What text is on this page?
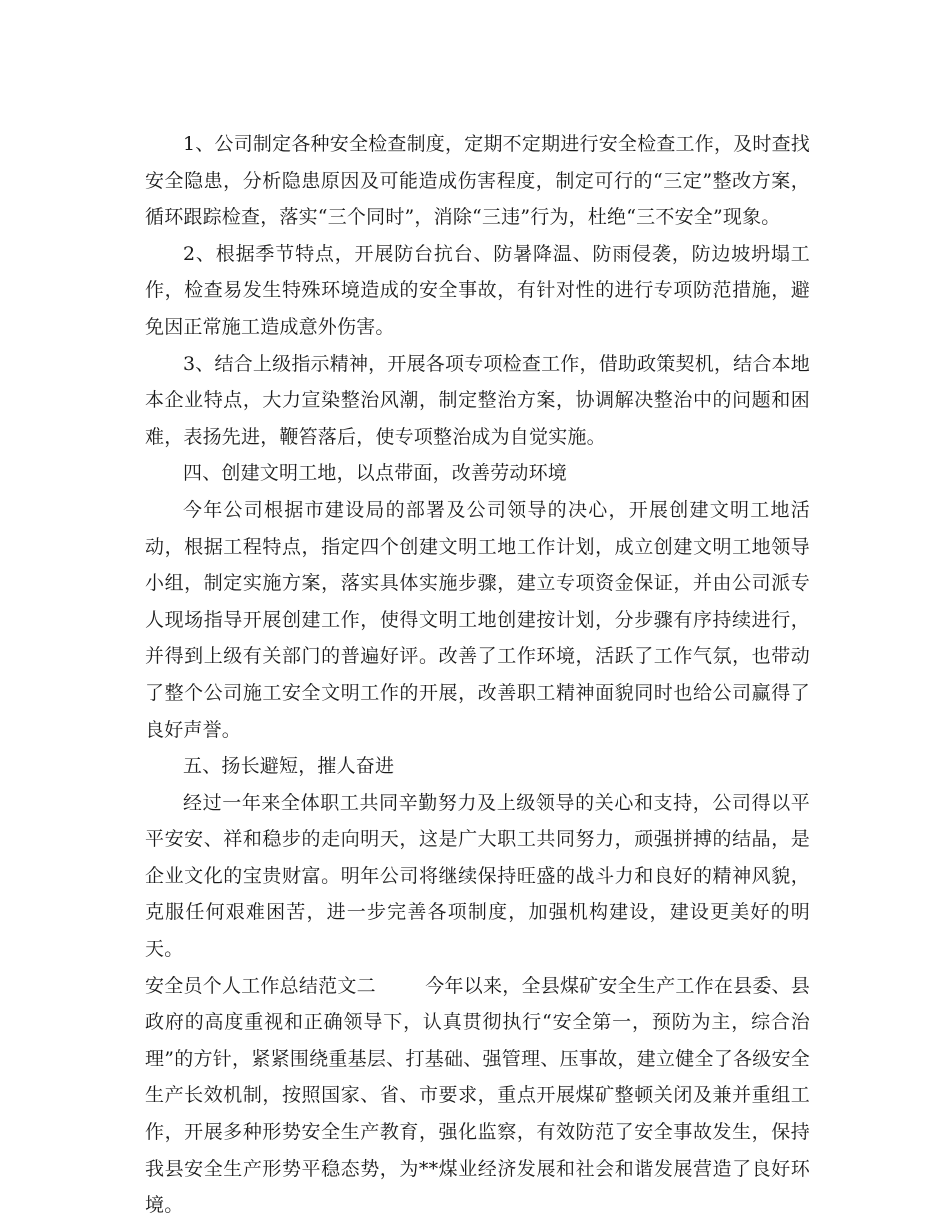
1、公司制定各种安全检查制度，定期不定期进行安全检查工作，及时查找安全隐患，分析隐患原因及可能造成伤害程度，制定可行的“三定”整改方案，循环跟踪检查，落实“三个同时”，消除“三违”行为，杜绝“三不安全”现象。

2、根据季节特点，开展防台抗台、防暑降温、防雨侵袭，防边坡坍塌工作，检查易发生特殊环境造成的安全事故，有针对性的进行专项防范措施，避免因正常施工造成意外伤害。

3、结合上级指示精神，开展各项专项检查工作，借助政策契机，结合本地本企业特点，大力宣染整治风潮，制定整治方案，协调解决整治中的问题和困难，表扬先进，鞭笞落后，使专项整治成为自觉实施。

四、创建文明工地，以点带面，改善劳动环境

今年公司根据市建设局的部署及公司领导的决心，开展创建文明工地活动，根据工程特点，指定四个创建文明工地工作计划，成立创建文明工地领导小组，制定实施方案，落实具体实施步骤，建立专项资金保证，并由公司派专人现场指导开展创建工作，使得文明工地创建按计划，分步骤有序持续进行，并得到上级有关部门的普遍好评。改善了工作环境，活跃了工作气氛，也带动了整个公司施工安全文明工作的开展，改善职工精神面貌同时也给公司赢得了良好声誉。

五、扬长避短，摧人奋进

经过一年来全体职工共同辛勤努力及上级领导的关心和支持，公司得以平平安安、祥和稳步的走向明天，这是广大职工共同努力，顽强拼搏的结晶，是企业文化的宝贵财富。明年公司将继续保持旺盛的战斗力和良好的精神风貌，克服任何艰难困苦，进一步完善各项制度，加强机构建设，建设更美好的明天。

安全员个人工作总结范文二	今年以来，全县煤矿安全生产工作在县委、县政府的高度重视和正确领导下，认真贯彻执行“安全第一，预防为主，综合治理”的方针，紧紧围绕重基层、打基础、强管理、压事故，建立健全了各级安全生产长效机制，按照国家、省、市要求，重点开展煤矿整顿关闭及兼并重组工作，开展多种形势安全生产教育，强化监察，有效防范了安全事故发生，保持我县安全生产形势平稳态势，为**煤业经济发展和社会和谐发展营造了良好环境。
